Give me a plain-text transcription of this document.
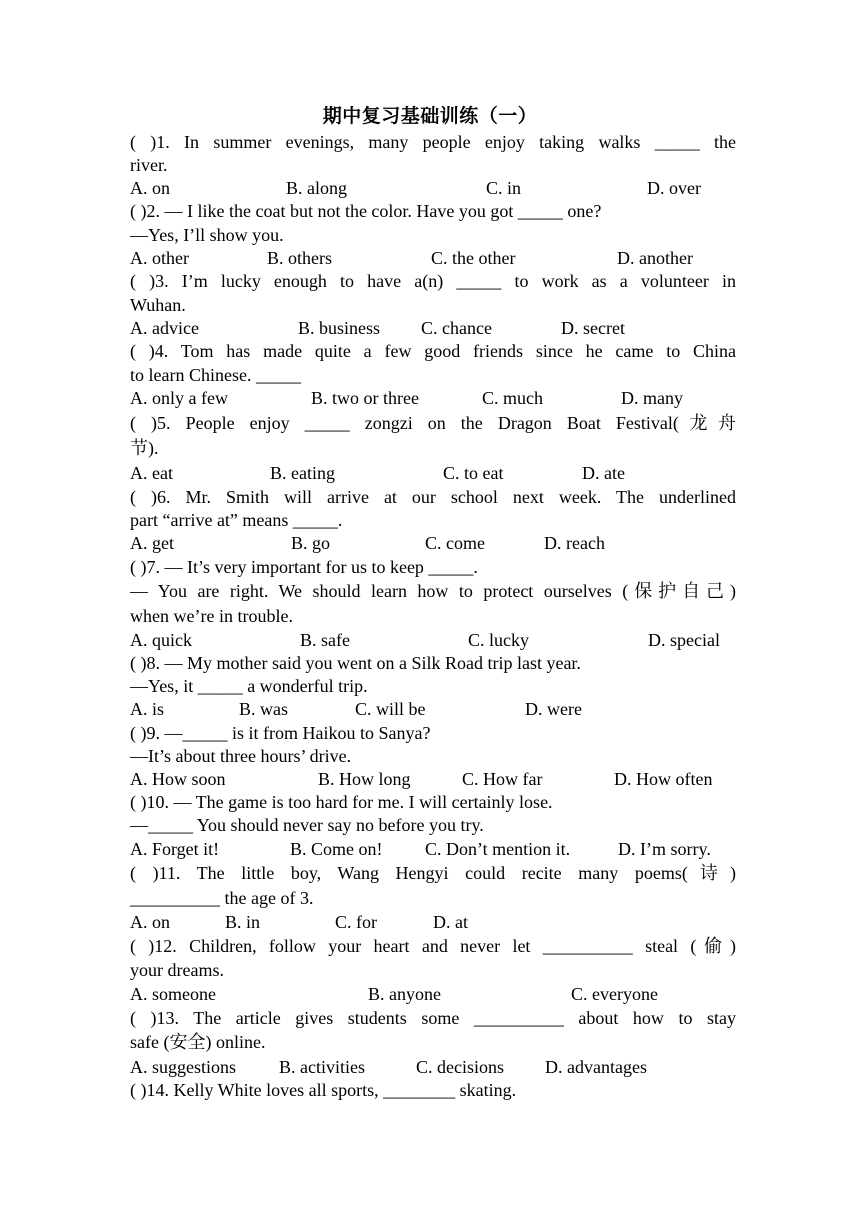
期中复习基础训练（一）
( )1. In summer evenings, many people enjoy taking walks _____ the
river.
A. on	B. along	C. in	D. over
( )2. — I like the coat but not the color. Have you got _____ one?
—Yes, I’ll show you.
A. other	B. others	C. the other	D. another
( )3. I’m lucky enough to have a(n) _____ to work as a volunteer in
Wuhan.
A. advice	B. business C. chance	D. secret
( )4. Tom has made quite a few good friends since he came to China
to learn Chinese. _____
A. only a few	B. two or three	C. much	D. many
( )5. People enjoy _____ zongzi on the Dragon Boat Festival(龙舟
节).
A. eat	B. eating	C. to eat	D. ate
( )6. Mr. Smith will arrive at our school next week. The underlined
part “arrive at” means _____.
A. get	B. go	C. come	D. reach
( )7. — It’s very important for us to keep _____.
— You are right. We should learn how to protect ourselves (保护自己)
when we’re in trouble.
A. quick	B. safe	C. lucky	D. special
( )8. — My mother said you went on a Silk Road trip last year.
—Yes, it _____ a wonderful trip.
A. is	B. was	C. will be	D. were
( )9. —_____ is it from Haikou to Sanya?
—It’s about three hours’ drive.
A. How soon	B. How long	C. How far	D. How often
( )10. — The game is too hard for me. I will certainly lose.
—_____ You should never say no before you try.
A. Forget it!	B. Come on! C. Don’t mention it.	D. I’m sorry.
( )11. The little boy, Wang Hengyi could recite many poems(诗)
__________ the age of 3.
A. on	B. in	C. for	D. at
( )12. Children, follow your heart and never let __________ steal (偷)
your dreams.
A. someone	B. anyone	C. everyone
( )13. The article gives students some __________ about how to stay
safe (安全) online.
A. suggestions B. activities	C. decisions D. advantages
( )14. Kelly White loves all sports, ________ skating.
